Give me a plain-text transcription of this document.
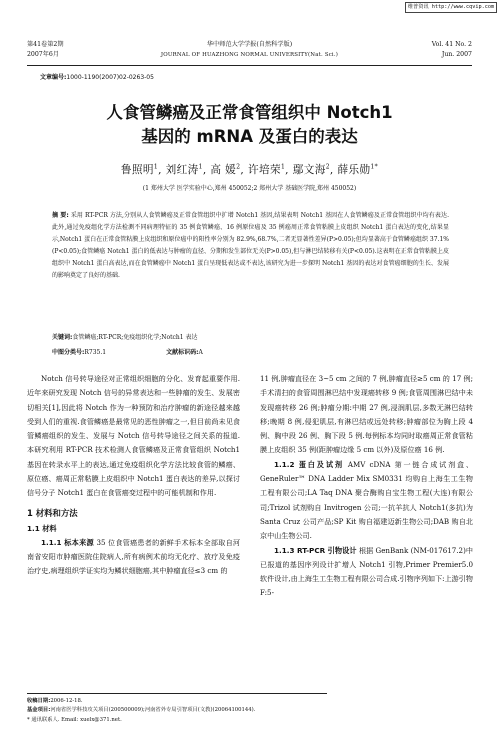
维普资讯 http://www.cqvip.com
第41卷第2期
2007年6月
华中师范大学学报(自然科学版)
JOURNAL OF HUAZHONG NORMAL UNIVERSITY(Nat. Sci.)
Vol. 41 No. 2
Jun. 2007
文章编号:1000-1190(2007)02-0263-05
人食管鳞癌及正常食管组织中 Notch1
基因的 mRNA 及蛋白的表达
鲁照明$^1$, 刘红涛$^1$, 高 媛$^2$, 许培荣$^1$, 鄢文海$^2$, 薛乐勋$^{1*}$
(1 郑州大学 医学实验中心,郑州 450052;2 郑州大学 基础医学院,郑州 450052)
摘 要: 采用 RT-PCR 方法,分别从人食管鳞癌及正常食管组织中扩增 Notch1 基因,结果表明 Notch1 基因在人食管鳞癌及正常食管组织中均有表达.此外,通过免疫组化学方法检测不同病理特征的 35 例食管鳞癌、16 例原位癌及 35 例癌周正常食管粘膜上皮组织 Notch1 蛋白表达的变化,结果显示,Notch1 蛋白在正常食管粘膜上皮组织和原位癌中的阳性率分别为 82.9%,68.7%,二者无显著性差异(P>0.05);但均显著高于食管鳞癌组织 37.1%(P<0.05);食管鳞癌 Notch1 蛋白的低表达与肿瘤的直径、分期和发生部位无关(P>0.05),但与淋巴结转移有关(P<0.05).这表明在正常食管粘膜上皮组织中 Notch1 蛋白高表达,而在食管鳞癌中 Notch1 蛋白呈现低表达或不表达,该研究为进一步探明 Notch1 基因的表达对食管癌细胞的生长、发展的影响奠定了良好的基础.
关键词:食管鳞癌;RT-PCR;免疫组织化学;Notch1 表达
中图分类号:R735.1	文献标识码:A

Notch 信号转导途径对正常组织细胞的分化、发育起重要作用.近年来研究发现 Notch 信号的异常表达和一些肿瘤的发生、发展密切相关[1],因此将 Notch 作为一种预防和治疗肿瘤的新途径越来越受到人们的重视.食管鳞癌是最常见的恶性肿瘤之一,但目前尚未见食管鳞癌组织的发生、发展与 Notch 信号转导途径之间关系的报道.本研究利用 RT-PCR 技术检测人食管鳞癌及正常食管组织 Notch1 基因在转录水平上的表达,通过免疫组织化学方法比较食管的鳞癌、原位癌、癌周正常粘膜上皮组织中 Notch1 蛋白表达的差异,以探讨信号分子 Notch1 蛋白在食管癌变过程中的可能机制和作用.

1 材料和方法
1.1 材料

1.1.1 标本来源 35 位食管癌患者的新鲜手术标本全部取自河南省安阳市肿瘤医院住院病人,所有病例术前均无化疗、放疗及免疫治疗史,病理组织学证实均为鳞状细胞癌,其中肿瘤直径≤3 cm 的

11 例,肿瘤直径在 3~5 cm 之间的 7 例,肿瘤直径≥5 cm 的 17 例;手术清扫的食管周围淋巴结中发现癌转移 9 例;食管周围淋巴结中未发现癌转移 26 例;肿瘤分期:中期 27 例,浸润肌层,多数无淋巴结转移;晚期 8 例,侵犯肌层,有淋巴结或远处转移;肿瘤部位为胸上段 4 例、胸中段 26 例、胸下段 5 例.每例标本均同时取癌周正常食管粘膜上皮组织 35 例(距肿瘤边缘 5 cm 以外)及原位癌 16 例.

1.1.2 蛋白及试剂 AMV cDNA 第一链合成试剂盒、GeneRuler™ DNA Ladder Mix SM0331 均购自上海生工生物工程有限公司;LA Taq DNA 聚合酶购自宝生物工程(大连)有限公司;Trizol 试剂购自 Invitrogen 公司;一抗羊抗人 Notch1(多抗)为 Santa Cruz 公司产品;SP Kit 购自福建迈新生物公司;DAB 购自北京中山生物公司.

1.1.3 RT-PCR 引物设计 根据 GenBank (NM-017617.2)中已报道的基因序列设计扩增人 Notch1 引物,Primer Premier5.0 软件设计,由上海生工生物工程有限公司合成.引物序列如下:上游引物 F:5-

收稿日期:2006-12-18.
基金项目:河南省医学科技攻关项目(200500009);河南省外专局引智项目(文教)(20064100144).
* 通讯联系人. Email: xuelx@371.net.
